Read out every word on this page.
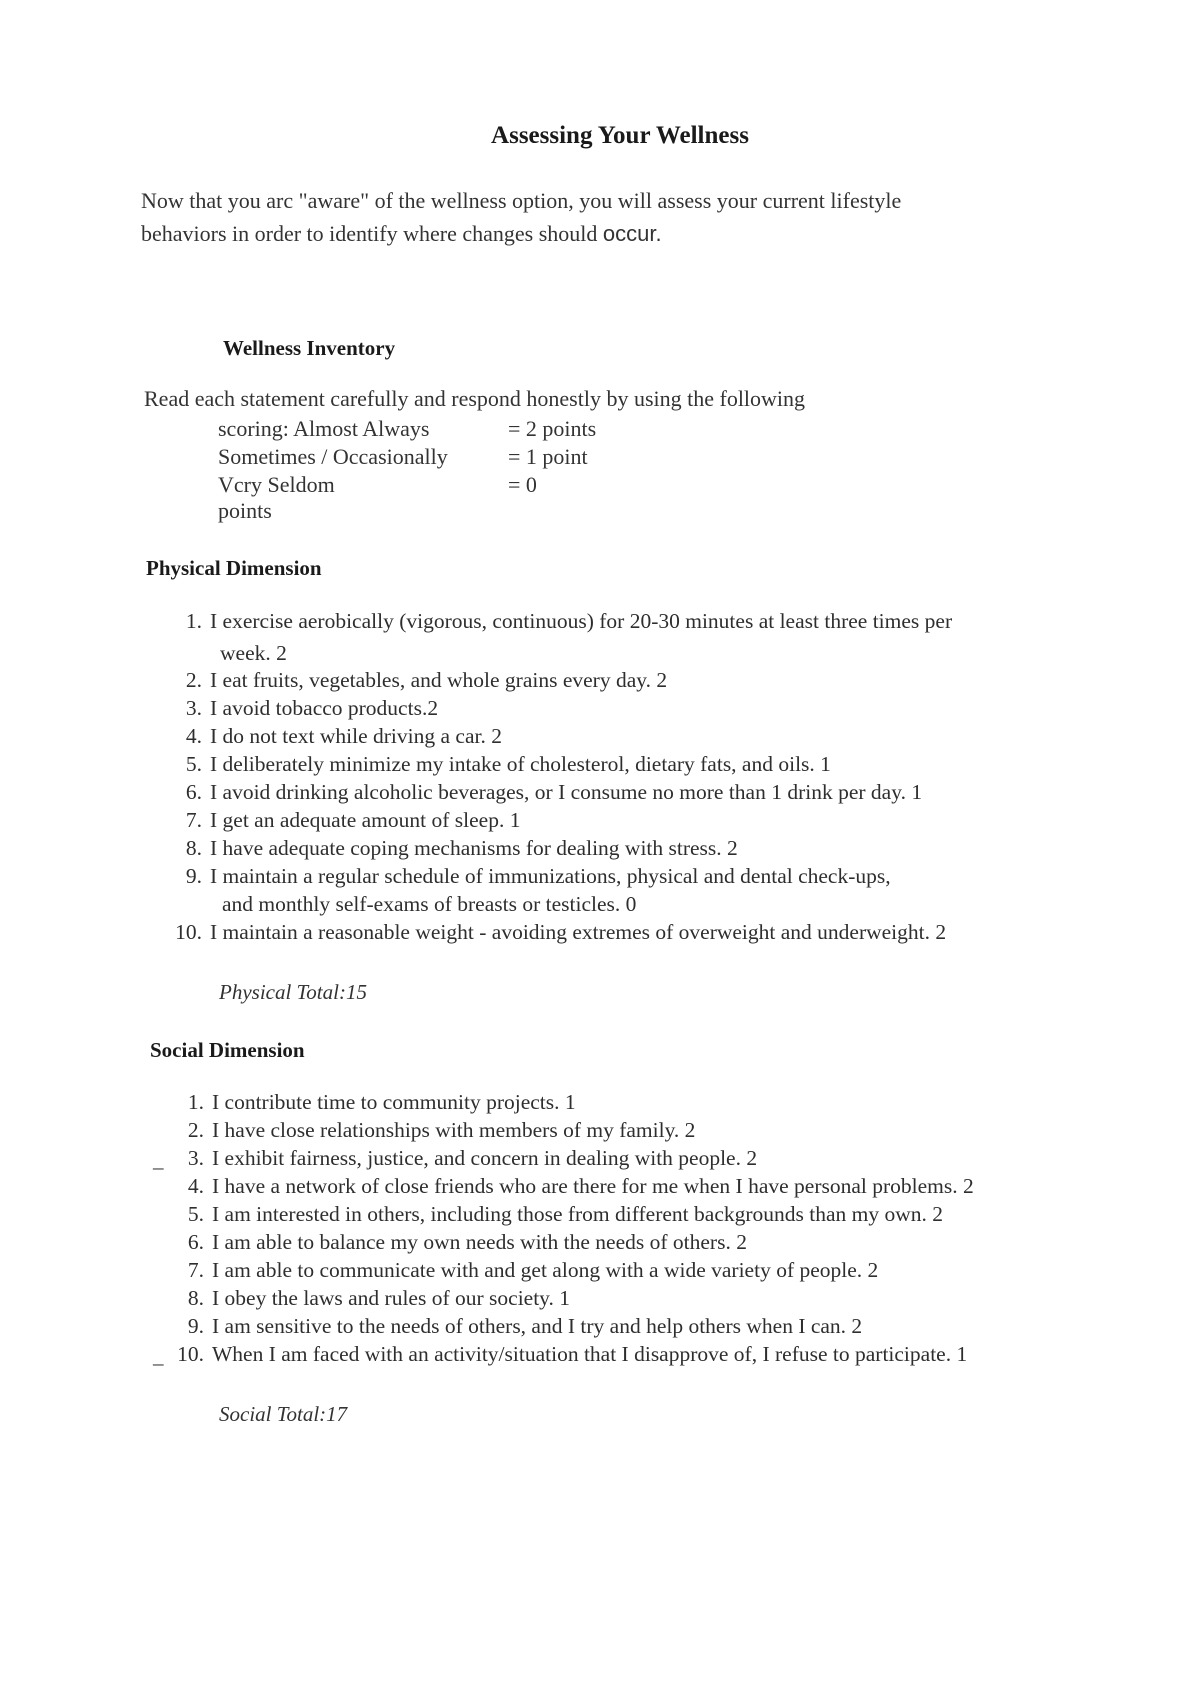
Assessing Your Wellness
Now that you arc "aware" of the wellness option, you will assess your current lifestyle
behaviors in order to identify where changes should occur.
Wellness Inventory
Read each statement carefully and respond honestly by using the following
scoring: Almost Always	= 2 points
Sometimes / Occasionally	= 1 point
Vcry Seldom	= 0
points
Physical Dimension
1. I exercise aerobically (vigorous, continuous) for 20-30 minutes at least three times per
week. 2
2. I eat fruits, vegetables, and whole grains every day. 2
3. I avoid tobacco products.2
4. I do not text while driving a car. 2
5. I deliberately minimize my intake of cholesterol, dietary fats, and oils. 1
6. I avoid drinking alcoholic beverages, or I consume no more than 1 drink per day. 1
7. I get an adequate amount of sleep. 1
8. I have adequate coping mechanisms for dealing with stress. 2
9. I maintain a regular schedule of immunizations, physical and dental check-ups,
and monthly self-exams of breasts or testicles. 0
10. I maintain a reasonable weight - avoiding extremes of overweight and underweight. 2
Physical Total:15
Social Dimension
1. I contribute time to community projects. 1
2. I have close relationships with members of my family. 2
_	3. I exhibit fairness, justice, and concern in dealing with people. 2
4. I have a network of close friends who are there for me when I have personal problems. 2
5. I am interested in others, including those from different backgrounds than my own. 2
6. I am able to balance my own needs with the needs of others. 2
7. I am able to communicate with and get along with a wide variety of people. 2
8. I obey the laws and rules of our society. 1
9. I am sensitive to the needs of others, and I try and help others when I can. 2
_ 10. When I am faced with an activity/situation that I disapprove of, I refuse to participate. 1
Social Total:17
